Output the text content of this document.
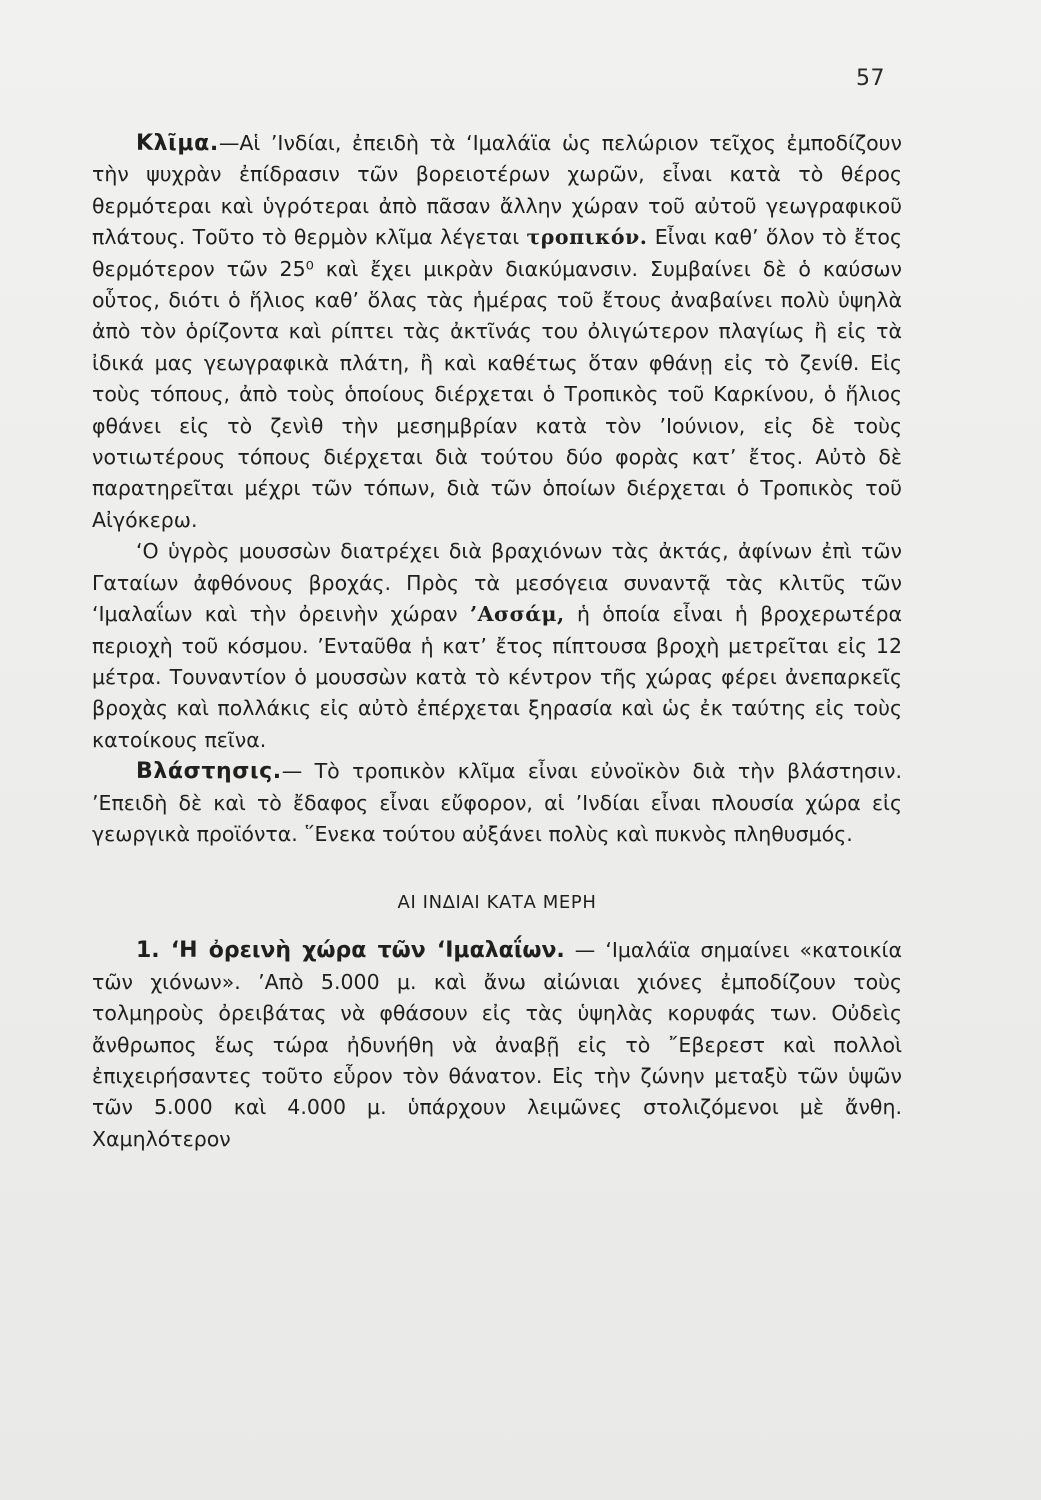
57

Κλῖμα.—Αἱ ’Ινδίαι, ἐπειδὴ τὰ ‘Ιμαλάϊα ὡς πελώριον τεῖχος ἐμποδίζουν τὴν ψυχρὰν ἐπίδρασιν τῶν βορειοτέρων χωρῶν, εἶναι κατὰ τὸ θέρος θερμότεραι καὶ ὑγρότεραι ἀπὸ πᾶσαν ἄλλην χώραν τοῦ αὐτοῦ γεωγραφικοῦ πλάτους. Τοῦτο τὸ θερμὸν κλῖμα λέγεται τροπικόν. Εἶναι καθ’ ὅλον τὸ ἔτος θερμότερον τῶν 25⁰ καὶ ἔχει μικρὰν διακύμανσιν. Συμβαίνει δὲ ὁ καύσων οὗτος, διότι ὁ ἥλιος καθ’ ὅλας τὰς ἡμέρας τοῦ ἔτους ἀναβαίνει πολὺ ὑψηλὰ ἀπὸ τὸν ὁρίζοντα καὶ ρίπτει τὰς ἀκτῖνάς του ὀλιγώτερον πλαγίως ἢ εἰς τὰ ἰδικά μας γεωγραφικὰ πλάτη, ἢ καὶ καθέτως ὅταν φθάνῃ εἰς τὸ ζενίθ. Εἰς τοὺς τόπους, ἀπὸ τοὺς ὁποίους διέρχεται ὁ Τροπικὸς τοῦ Καρκίνου, ὁ ἥλιος φθάνει εἰς τὸ ζενὶθ τὴν μεσημβρίαν κατὰ τὸν ’Ιούνιον, εἰς δὲ τοὺς νοτιωτέρους τόπους διέρχεται διὰ τούτου δύο φορὰς κατ’ ἔτος. Αὐτὸ δὲ παρατηρεῖται μέχρι τῶν τόπων, διὰ τῶν ὁποίων διέρχεται ὁ Τροπικὸς τοῦ Αἰγόκερω.

‘Ο ὑγρὸς μουσσὼν διατρέχει διὰ βραχιόνων τὰς ἀκτάς, ἀφίνων ἐπὶ τῶν Γαταίων ἀφθόνους βροχάς. Πρὸς τὰ μεσόγεια συναντᾷ τὰς κλιτῦς τῶν ‘Ιμαλαΐων καὶ τὴν ὀρεινὴν χώραν ’Ασσάμ, ἡ ὁποία εἶναι ἡ βροχερωτέρα περιοχὴ τοῦ κόσμου. ’Ενταῦθα ἡ κατ’ ἔτος πίπτουσα βροχὴ μετρεῖται εἰς 12 μέτρα. Τουναντίον ὁ μουσσὼν κατὰ τὸ κέντρον τῆς χώρας φέρει ἀνεπαρκεῖς βροχὰς καὶ πολλάκις εἰς αὐτὸ ἐπέρχεται ξηρασία καὶ ὡς ἐκ ταύτης εἰς τοὺς κατοίκους πεῖνα.

Βλάστησις.— Τὸ τροπικὸν κλῖμα εἶναι εὐνοϊκὸν διὰ τὴν βλάστησιν. ’Επειδὴ δὲ καὶ τὸ ἔδαφος εἶναι εὔφορον, αἱ ’Ινδίαι εἶναι πλουσία χώρα εἰς γεωργικὰ προϊόντα. ῞Ενεκα τούτου αὐξάνει πολὺς καὶ πυκνὸς πληθυσμός.

ΑΙ ΙΝΔΙΑΙ ΚΑΤΑ ΜΕΡΗ

1. ‘Η ὀρεινὴ χώρα τῶν ‘Ιμαλαΐων. — ‘Ιμαλάϊα σημαίνει «κατοικία τῶν χιόνων». ’Απὸ 5.000 μ. καὶ ἄνω αἰώνιαι χιόνες ἐμποδίζουν τοὺς τολμηροὺς ὀρειβάτας νὰ φθάσουν εἰς τὰς ὑψηλὰς κορυφάς των. Οὐδεὶς ἄνθρωπος ἕως τώρα ἠδυνήθη νὰ ἀναβῇ εἰς τὸ ῎Εβερεστ καὶ πολλοὶ ἐπιχειρήσαντες τοῦτο εὗρον τὸν θάνατον. Εἰς τὴν ζώνην μεταξὺ τῶν ὑψῶν τῶν 5.000 καὶ 4.000 μ. ὑπάρχουν λειμῶνες στολιζόμενοι μὲ ἄνθη. Χαμηλότερον
